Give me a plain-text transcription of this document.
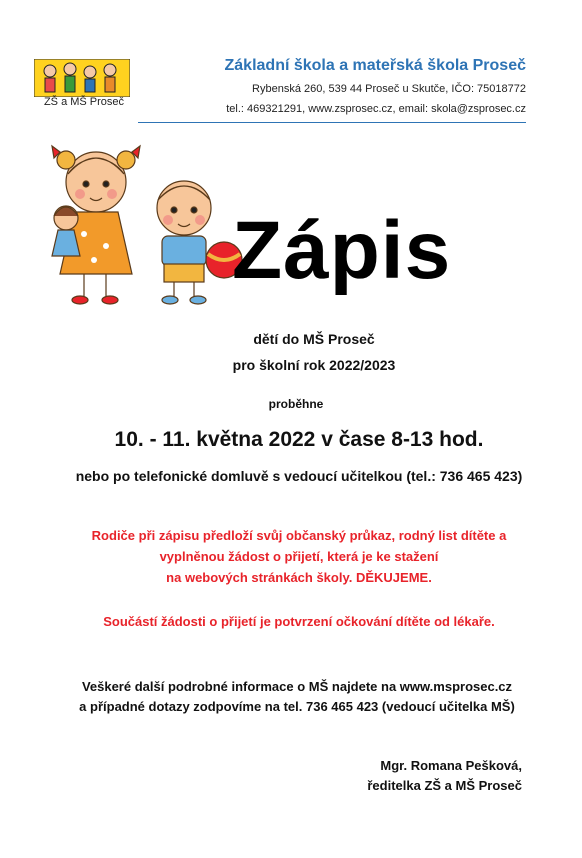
ZŠ a MŠ Proseč
Základní škola a mateřská škola Proseč
Rybenská 260, 539 44 Proseč u Skutče, IČO: 75018772
tel.: 469321291, www.zsprosec.cz, email: skola@zsprosec.cz
Zápis
dětí do MŠ Proseč
pro školní rok 2022/2023
proběhne
10. - 11. května 2022 v čase 8-13 hod.
nebo po telefonické domluvě s vedoucí učitelkou (tel.: 736 465 423)
Rodiče při zápisu předloží svůj občanský průkaz, rodný list dítěte a
vyplněnou žádost o přijetí, která je ke stažení
na webových stránkách školy. DĚKUJEME.
Součástí žádosti o přijetí je potvrzení očkování dítěte od lékaře.
Veškeré další podrobné informace o MŠ najdete na www.msprosec.cz
a případné dotazy zodpovíme na tel. 736 465 423 (vedoucí učitelka MŠ)
Mgr. Romana Pešková,
ředitelka ZŠ a MŠ Proseč
